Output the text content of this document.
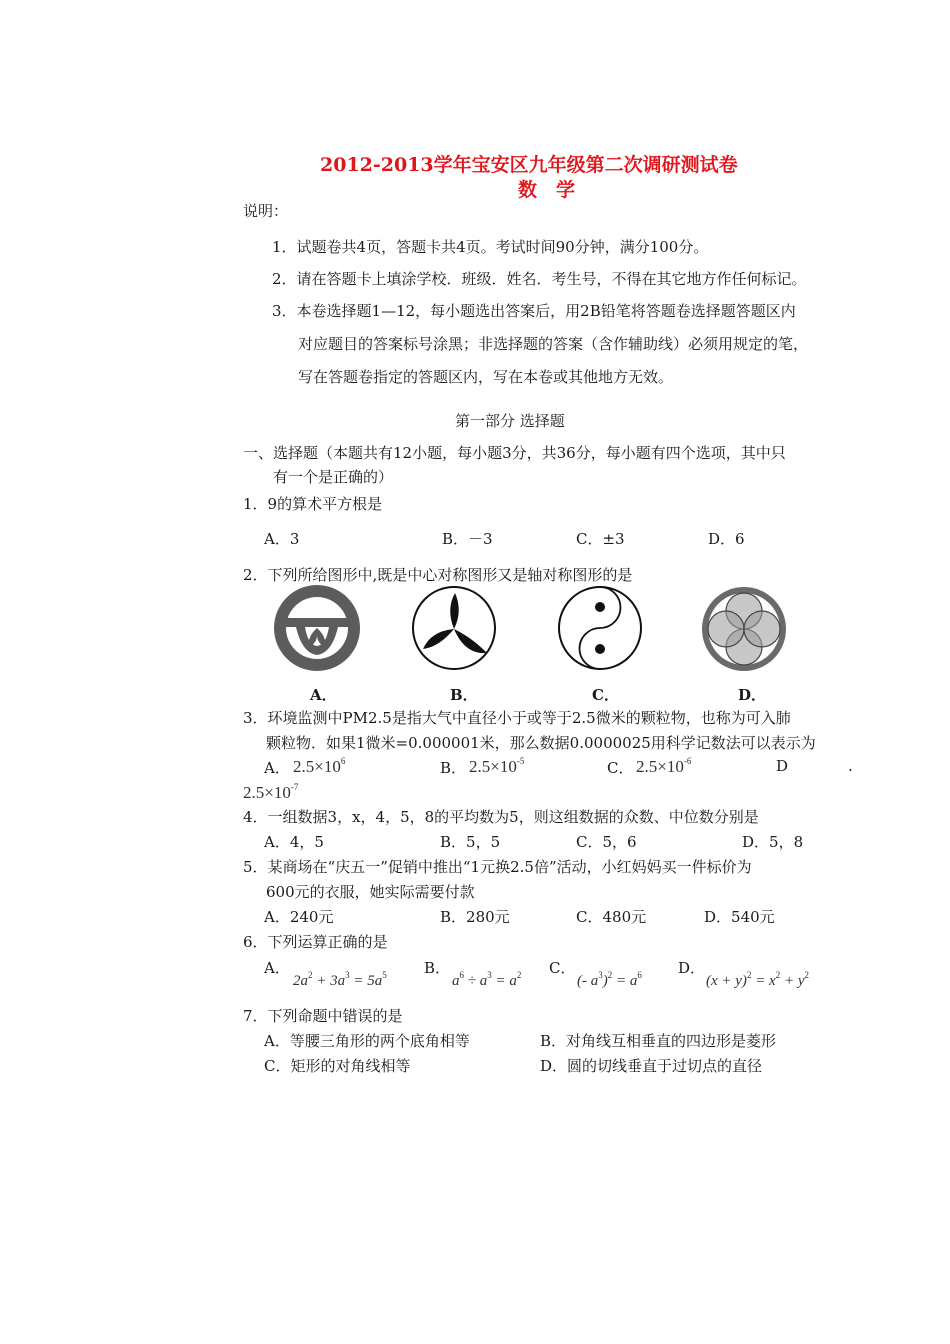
2012-2013学年宝安区九年级第二次调研测试卷
数　学
说明：
1．试题卷共4页，答题卡共4页。考试时间90分钟，满分100分。
2．请在答题卡上填涂学校．班级．姓名．考生号，不得在其它地方作任何标记。
3．本卷选择题1—12，每小题选出答案后，用2B铅笔将答题卷选择题答题区内
对应题目的答案标号涂黑；非选择题的答案（含作辅助线）必须用规定的笔，
写在答题卷指定的答题区内，写在本卷或其他地方无效。
第一部分 选择题
一、选择题（本题共有12小题，每小题3分，共36分，每小题有四个选项，其中只
有一个是正确的）
1．9的算术平方根是
A．3	B．－3	C．±3	D．6
2．下列所给图形中,既是中心对称图形又是轴对称图形的是
A．	B．	C．	D．
3．环境监测中PM2.5是指大气中直径小于或等于2.5微米的颗粒物，也称为可入肺
颗粒物．如果1微米=0.000001米，那么数据0.0000025用科学记数法可以表示为
A． $2.5\times 10^6$	B． $2.5\times 10^{-5}$	C． $2.5\times 10^{-6}$	D	.
$2.5\times 10^{-7}$
4．一组数据3，x，4，5，8的平均数为5，则这组数据的众数、中位数分别是
A．4，5	B．5，5	C．5，6	D．5，8
5．某商场在“庆五一”促销中推出“1元换2.5倍”活动，小红妈妈买一件标价为
600元的衣服，她实际需要付款
A．240元	B．280元	C．480元	D．540元
6．下列运算正确的是
A．
$2a^2 + 3a^3 = 5a^5$ B．
$a^6 \div a^3 = a^2$ C．
(- $a^3)^2 = a^6$ D．
$(x + y)^2 = x^2 + y^2$
7．下列命题中错误的是
A．等腰三角形的两个底角相等	B．对角线互相垂直的四边形是菱形
C．矩形的对角线相等	D．圆的切线垂直于过切点的直径
